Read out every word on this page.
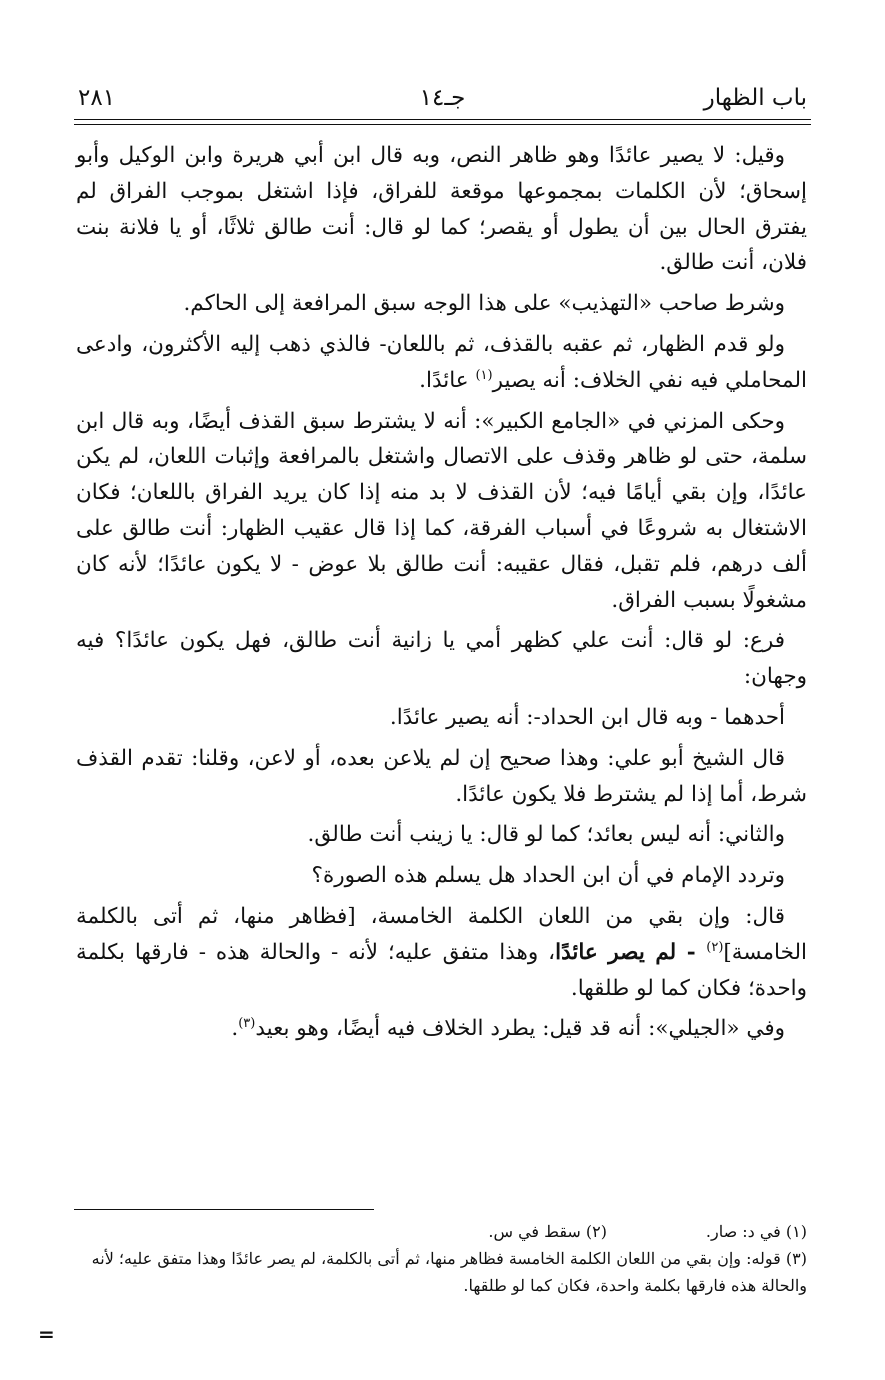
باب الظهار
جـ١٤
٢٨١

وقيل: لا يصير عائدًا وهو ظاهر النص، وبه قال ابن أبي هريرة وابن الوكيل وأبو إسحاق؛ لأن الكلمات بمجموعها موقعة للفراق، فإذا اشتغل بموجب الفراق لم يفترق الحال بين أن يطول أو يقصر؛ كما لو قال: أنت طالق ثلاثًا، أو يا فلانة بنت فلان، أنت طالق.

وشرط صاحب «التهذيب» على هذا الوجه سبق المرافعة إلى الحاكم.

ولو قدم الظهار، ثم عقبه بالقذف، ثم باللعان- فالذي ذهب إليه الأكثرون، وادعى المحاملي فيه نفي الخلاف: أنه يصير$^{(١)}$ عائدًا.

وحكى المزني في «الجامع الكبير»: أنه لا يشترط سبق القذف أيضًا، وبه قال ابن سلمة، حتى لو ظاهر وقذف على الاتصال واشتغل بالمرافعة وإثبات اللعان، لم يكن عائدًا، وإن بقي أيامًا فيه؛ لأن القذف لا بد منه إذا كان يريد الفراق باللعان؛ فكان الاشتغال به شروعًا في أسباب الفرقة، كما إذا قال عقيب الظهار: أنت طالق على ألف درهم، فلم تقبل، فقال عقيبه: أنت طالق بلا عوض - لا يكون عائدًا؛ لأنه كان مشغولًا بسبب الفراق.

فرع: لو قال: أنت علي كظهر أمي يا زانية أنت طالق، فهل يكون عائدًا؟ فيه وجهان:

أحدهما - وبه قال ابن الحداد-: أنه يصير عائدًا.

قال الشيخ أبو علي: وهذا صحيح إن لم يلاعن بعده، أو لاعن، وقلنا: تقدم القذف شرط، أما إذا لم يشترط فلا يكون عائدًا.

والثاني: أنه ليس بعائد؛ كما لو قال: يا زينب أنت طالق.

وتردد الإمام في أن ابن الحداد هل يسلم هذه الصورة؟

قال: وإن بقي من اللعان الكلمة الخامسة، [فظاهر منها، ثم أتى بالكلمة الخامسة]$^{(٢)}$ - لم يصر عائدًا، وهذا متفق عليه؛ لأنه - والحالة هذه - فارقها بكلمة واحدة؛ فكان كما لو طلقها.

وفي «الجيلي»: أنه قد قيل: يطرد الخلاف فيه أيضًا، وهو بعيد$^{(٣)}$.

(١) في د: صار.(٢) سقط في س.
(٣) قوله: وإن بقي من اللعان الكلمة الخامسة فظاهر منها، ثم أتى بالكلمة، لم يصر عائدًا وهذا متفق عليه؛ لأنه والحالة هذه فارقها بكلمة واحدة، فكان كما لو طلقها.
=
